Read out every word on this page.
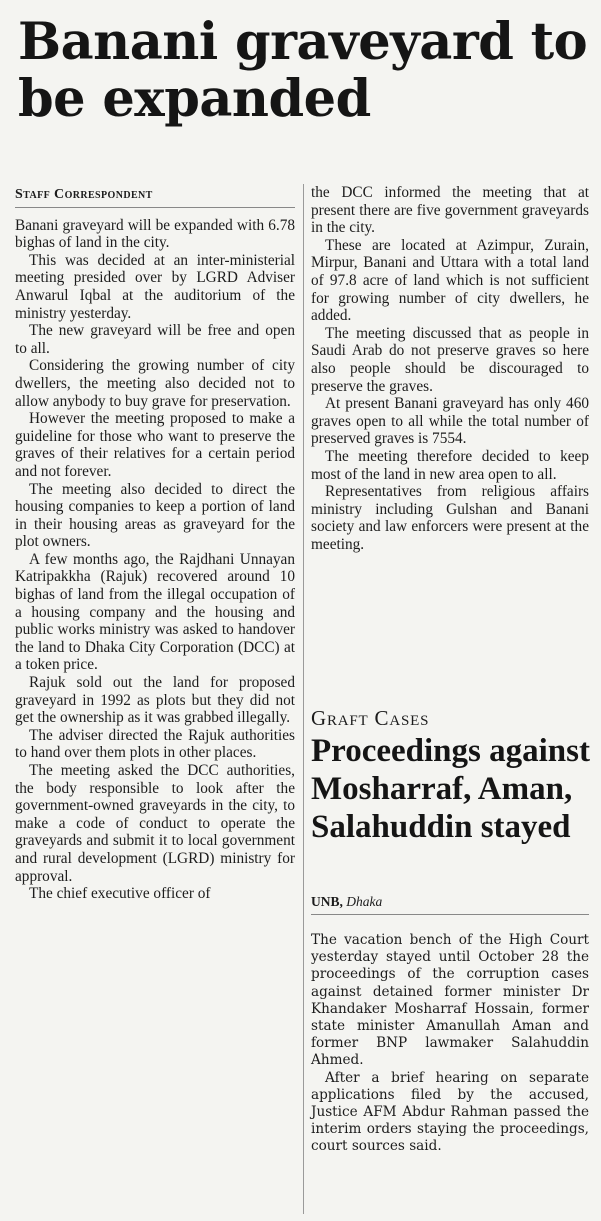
Banani graveyard to be expanded
Staff Correspondent

Banani graveyard will be expanded with 6.78 bighas of land in the city.

This was decided at an inter-ministerial meeting presided over by LGRD Adviser Anwarul Iqbal at the auditorium of the ministry yesterday.

The new graveyard will be free and open to all.

Considering the growing number of city dwellers, the meeting also decided not to allow anybody to buy grave for preservation.

However the meeting proposed to make a guideline for those who want to preserve the graves of their relatives for a certain period and not forever.

The meeting also decided to direct the housing companies to keep a portion of land in their housing areas as graveyard for the plot owners.

A few months ago, the Rajdhani Unnayan Katripakkha (Rajuk) recovered around 10 bighas of land from the illegal occupation of a housing company and the housing and public works ministry was asked to handover the land to Dhaka City Corporation (DCC) at a token price.

Rajuk sold out the land for proposed graveyard in 1992 as plots but they did not get the ownership as it was grabbed illegally.

The adviser directed the Rajuk authorities to hand over them plots in other places.

The meeting asked the DCC authorities, the body responsible to look after the government-owned graveyards in the city, to make a code of conduct to operate the graveyards and submit it to local government and rural development (LGRD) ministry for approval.

The chief executive officer of

the DCC informed the meeting that at present there are five government graveyards in the city.

These are located at Azimpur, Zurain, Mirpur, Banani and Uttara with a total land of 97.8 acre of land which is not sufficient for growing number of city dwellers, he added.

The meeting discussed that as people in Saudi Arab do not preserve graves so here also people should be discouraged to preserve the graves.

At present Banani graveyard has only 460 graves open to all while the total number of preserved graves is 7554.

The meeting therefore decided to keep most of the land in new area open to all.

Representatives from religious affairs ministry including Gulshan and Banani society and law enforcers were present at the meeting.

Graft Cases
Proceedings against Mosharraf, Aman, Salahuddin stayed
UNB, Dhaka

The vacation bench of the High Court yesterday stayed until October 28 the proceedings of the corruption cases against detained former minister Dr Khandaker Mosharraf Hossain, former state minister Amanullah Aman and former BNP lawmaker Salahuddin Ahmed.

After a brief hearing on separate applications filed by the accused, Justice AFM Abdur Rahman passed the interim orders staying the proceedings, court sources said.
